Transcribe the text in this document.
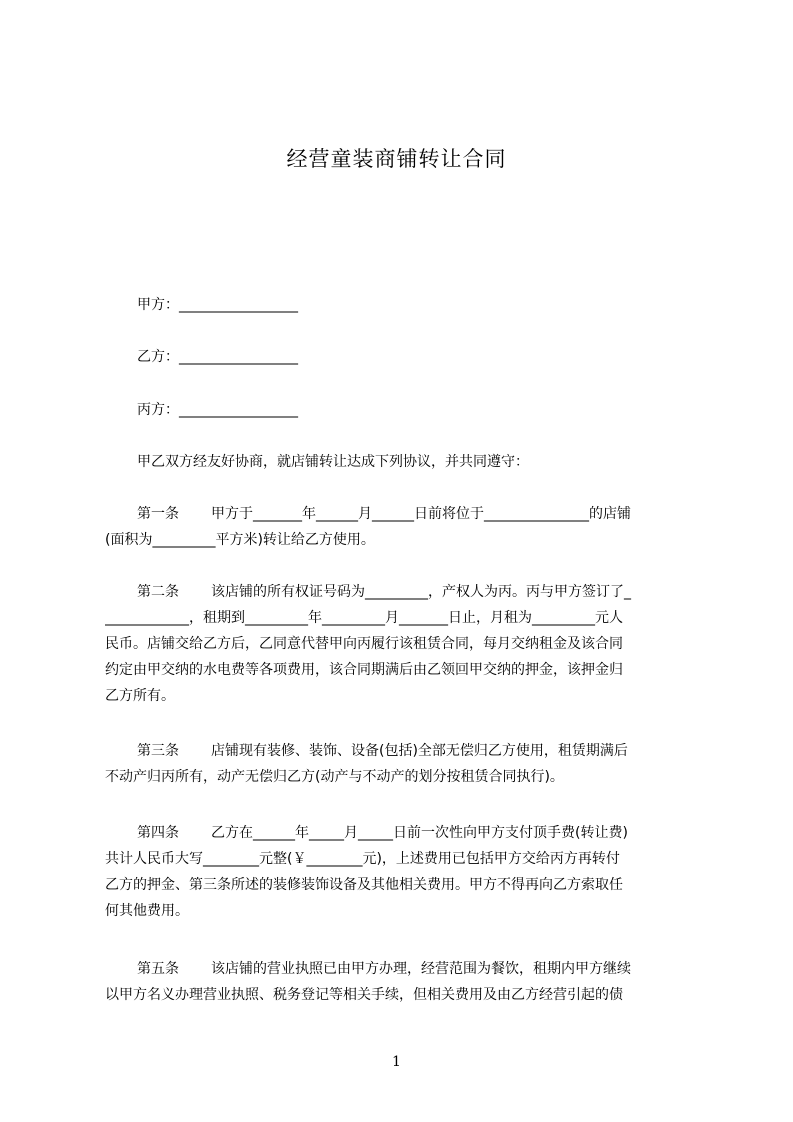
经营童装商铺转让合同
甲方：_________________
乙方：_________________
丙方：_________________
甲乙双方经友好协商，就店铺转让达成下列协议，并共同遵守：
第一条 甲方于_______年______月______日前将位于_______________的店铺
(面积为_________平方米)转让给乙方使用。
第二条 该店铺的所有权证号码为_________，产权人为丙。丙与甲方签订了_
____________，租期到_________年_________月_______日止，月租为_________元人
民币。店铺交给乙方后，乙同意代替甲向丙履行该租赁合同，每月交纳租金及该合同
约定由甲交纳的水电费等各项费用，该合同期满后由乙领回甲交纳的押金，该押金归
乙方所有。
第三条 店铺现有装修、装饰、设备(包括)全部无偿归乙方使用，租赁期满后
不动产归丙所有，动产无偿归乙方(动产与不动产的划分按租赁合同执行)。
第四条 乙方在______年_____月_____日前一次性向甲方支付顶手费(转让费)
共计人民币大写________元整(￥________元)，上述费用已包括甲方交给丙方再转付
乙方的押金、第三条所述的装修装饰设备及其他相关费用。甲方不得再向乙方索取任
何其他费用。
第五条 该店铺的营业执照已由甲方办理，经营范围为餐饮，租期内甲方继续
以甲方名义办理营业执照、税务登记等相关手续，但相关费用及由乙方经营引起的债
1
